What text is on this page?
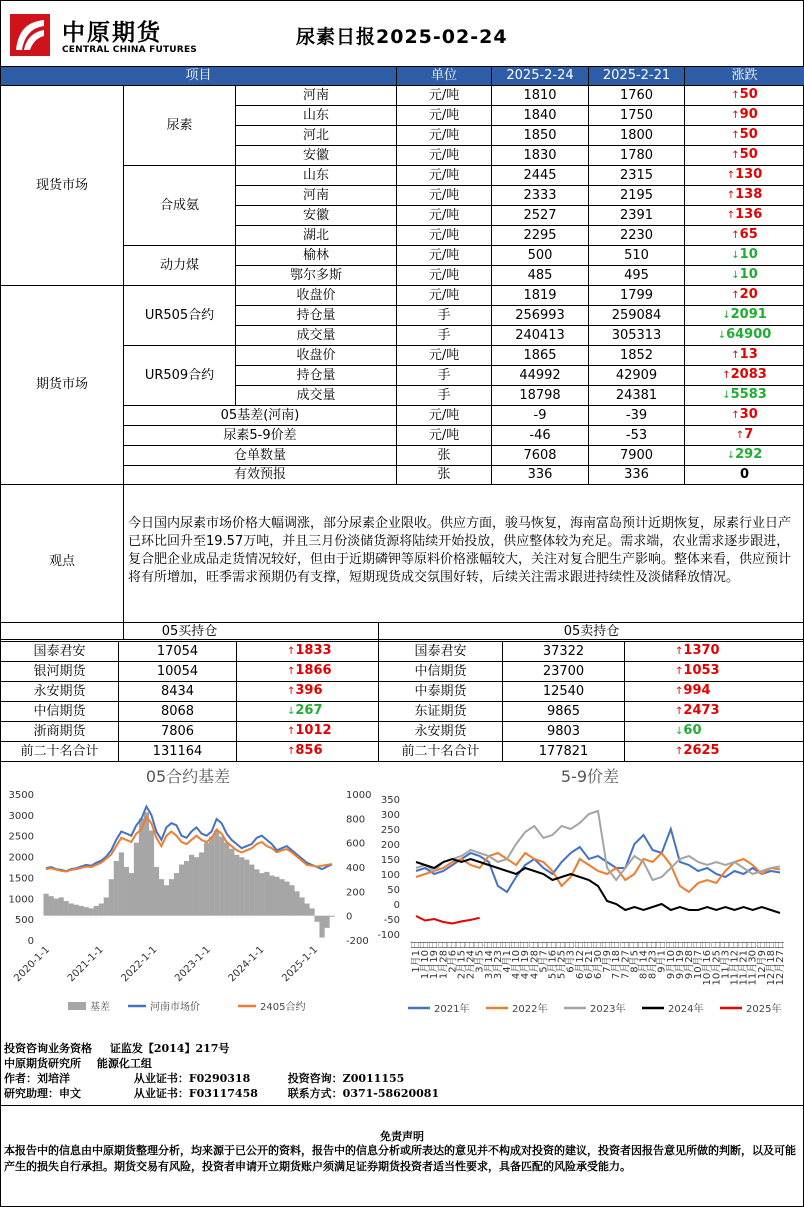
中原期货
CENTRAL CHINA FUTURES
尿素日报2025-02-24
项目			单位	2025-2-24	2025-2-21	涨跌
现货市场	尿素	河南	元/吨	1810	1760	↑50
		山东	元/吨	1840	1750	↑90
		河北	元/吨	1850	1800	↑50
		安徽	元/吨	1830	1780	↑50
	合成氨	山东	元/吨	2445	2315	↑130
		河南	元/吨	2333	2195	↑138
		安徽	元/吨	2527	2391	↑136
		湖北	元/吨	2295	2230	↑65
	动力煤	榆林	元/吨	500	510	↓10
		鄂尔多斯	元/吨	485	495	↓10
期货市场	UR505合约	收盘价	元/吨	1819	1799	↑20
		持仓量	手	256993	259084	↓2091
		成交量	手	240413	305313	↓64900
	UR509合约	收盘价	元/吨	1865	1852	↑13
		持仓量	手	44992	42909	↑2083
		成交量	手	18798	24381	↓5583
	05基差(河南)		元/吨	-9	-39	↑30
	尿素5-9价差		元/吨	-46	-53	↑7
	仓单数量		张	7608	7900	↓292
	有效预报		张	336	336	0
观点	今日国内尿素市场价格大幅调涨，部分尿素企业限收。供应方面，骏马恢复，海南富岛预计近期恢复，尿素行业日产已环比回升至19.57万吨，并且三月份淡储货源将陆续开始投放，供应整体较为充足。需求端，农业需求逐步跟进，复合肥企业成品走货情况较好，但由于近期磷钾等原料价格涨幅较大，关注对复合肥生产影响。整体来看，供应预计将有所增加，旺季需求预期仍有支撑，短期现货成交氛围好转，后续关注需求跟进持续性及淡储释放情况。					
05买持仓			05卖持仓		
国泰君安	17054	↑1833	国泰君安	37322	↑1370
银河期货	10054	↑1866	中信期货	23700	↑1053
永安期货	8434	↑396	中泰期货	12540	↑994
中信期货	8068	↓267	东证期货	9865	↑2473
浙商期货	7806	↑1012	永安期货	9803	↓60
前二十名合计	131164	↑856	前二十名合计	177821	↑2625
05合约基差
0
500
1000
1500
2000
2500
3000
3500
-200
0
200
400
600
800
1000
2020-1-1 2021-1-1 2022-1-1 2023-1-1 2024-1-1 2025-1-1
基差	河南市场价	2405合约
5-9价差
-100
-50
0
50
100
150
200
250
300
350
1月1日
1月10日
1月19日
1月28日
2月6日
2月15日
2月24日
3月5日
3月14日
3月23日
4月1日
4月10日
4月19日
4月28日
5月7日
5月16日
5月25日
6月3日
6月12日
6月21日
6月30日
7月9日
7月18日
7月27日
8月5日
8月14日
8月23日
9月1日
9月10日
9月19日
9月28日
10月7日
10月16日
10月25日
11月3日
11月12日
11月21日
11月30日
12月9日
12月18日
12月27日
2021年	2022年	2023年	2024年	2025年
投资咨询业务资格 证监发【2014】217号
中原期货研究所 能源化工组
作者：刘培洋	从业证书：F0290318	投资咨询：Z0011155
研究助理：申文	从业证书：F03117458	联系方式：0371-58620081
免责声明
本报告中的信息由中原期货整理分析，均来源于已公开的资料，报告中的信息分析或所表达的意见并不构成对投资的建议，投资者因报告意见所做的判断，以及可能产生的损失自行承担。期货交易有风险，投资者申请开立期货账户须满足证券期货投资者适当性要求，具备匹配的风险承受能力。
